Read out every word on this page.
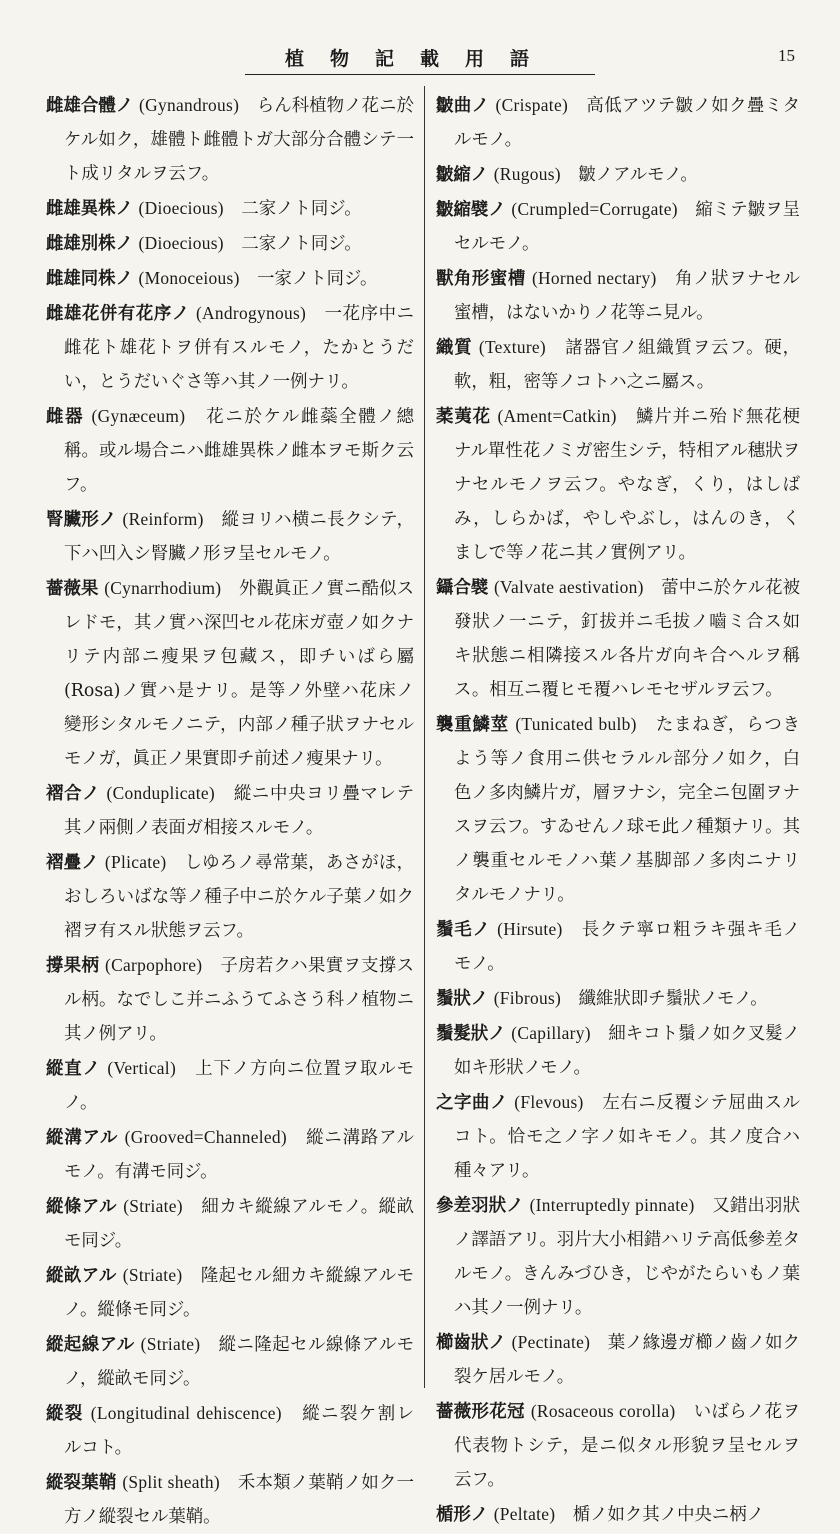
植物記載用語	15

雌雄合體ノ (Gynandrous)　 らん科植物ノ花ニ於ケル如ク，雄體ト雌體トガ大部分合體シテ一ト成リタルヲ云フ。

雌雄異株ノ (Dioecious)　 二家ノト同ジ。

雌雄別株ノ (Dioecious)　 二家ノト同ジ。

雌雄同株ノ (Monoceious)　 一家ノト同ジ。

雌雄花併有花序ノ (Androgynous)　 一花序中ニ雌花ト雄花トヲ併有スルモノ，たかとうだい，とうだいぐさ等ハ其ノ一例ナリ。

雌器 (Gynæceum)　 花ニ於ケル雌蘂全體ノ總稱。或ル場合ニハ雌雄異株ノ雌本ヲモ斯ク云フ。

腎臟形ノ (Reinform)　 縱ヨリハ横ニ長クシテ，下ハ凹入シ腎臟ノ形ヲ呈セルモノ。

薔薇果 (Cynarrhodium)　 外觀眞正ノ實ニ酷似スレドモ，其ノ實ハ深凹セル花床ガ壺ノ如クナリテ内部ニ瘦果ヲ包藏ス，即チいばら屬(Rosa)ノ實ハ是ナリ。是等ノ外壁ハ花床ノ變形シタルモノニテ，内部ノ種子狀ヲナセルモノガ，眞正ノ果實即チ前述ノ瘦果ナリ。

褶合ノ (Conduplicate)　 縱ニ中央ヨリ疊マレテ其ノ兩側ノ表面ガ相接スルモノ。

褶疊ノ (Plicate)　 しゆろノ尋常葉，あさがほ，おしろいばな等ノ種子中ニ於ケル子葉ノ如ク褶ヲ有スル狀態ヲ云フ。

撐果柄 (Carpophore)　 子房若クハ果實ヲ支撐スル柄。なでしこ并ニふうてふさう科ノ植物ニ其ノ例アリ。

縱直ノ (Vertical)　 上下ノ方向ニ位置ヲ取ルモノ。

縱溝アル (Grooved=Channeled)　 縱ニ溝路アルモノ。有溝モ同ジ。

縱條アル (Striate)　 細カキ縱線アルモノ。縱畝モ同ジ。

縱畝アル (Striate)　 隆起セル細カキ縱線アルモノ。縱條モ同ジ。

縱起線アル (Striate)　 縱ニ隆起セル線條アルモノ，縱畝モ同ジ。

縱裂 (Longitudinal dehiscence)　 縱ニ裂ケ割レルコト。

縱裂葉鞘 (Split sheath)　 禾本類ノ葉鞘ノ如ク一方ノ縱裂セル葉鞘。

皺曲ノ (Crispate)　 高低アツテ皺ノ如ク疊ミタルモノ。

皺縮ノ (Rugous)　 皺ノアルモノ。

皺縮襞ノ (Crumpled=Corrugate)　 縮ミテ皺ヲ呈セルモノ。

獸角形蜜槽 (Horned nectary)　 角ノ狀ヲナセル蜜槽，はないかりノ花等ニ見ル。

織質 (Texture)　 諸器官ノ組織質ヲ云フ。硬，軟，粗，密等ノコトハ之ニ屬ス。

葇荑花 (Ament=Catkin)　 鱗片并ニ殆ド無花梗ナル單性花ノミガ密生シテ，特相アル穗狀ヲナセルモノヲ云フ。やなぎ，くり，はしばみ，しらかば，やしやぶし，はんのき，くましで等ノ花ニ其ノ實例アリ。

鑷合襞 (Valvate aestivation)　 蕾中ニ於ケル花被發狀ノ一ニテ，釘拔并ニ毛拔ノ嚙ミ合ス如キ狀態ニ相隣接スル各片ガ向キ合ヘルヲ稱ス。相互ニ覆ヒモ覆ハレモセザルヲ云フ。

襲重鱗莖 (Tunicated bulb)　 たまねぎ，らつきよう等ノ食用ニ供セラルル部分ノ如ク，白色ノ多肉鱗片ガ，層ヲナシ，完全ニ包圍ヲナスヲ云フ。すゐせんノ球モ此ノ種類ナリ。其ノ襲重セルモノハ葉ノ基脚部ノ多肉ニナリタルモノナリ。

鬚毛ノ (Hirsute)　 長クテ寧ロ粗ラキ强キ毛ノモノ。

鬚狀ノ (Fibrous)　 纖維狀即チ鬚狀ノモノ。

鬚髮狀ノ (Capillary)　 細キコト鬚ノ如ク叉髮ノ如キ形狀ノモノ。

之字曲ノ (Flevous)　 左右ニ反覆シテ屈曲スルコト。恰モ之ノ字ノ如キモノ。其ノ度合ハ種々アリ。

參差羽狀ノ (Interruptedly pinnate)　 又錯出羽狀ノ譯語アリ。羽片大小相錯ハリテ高低參差タルモノ。きんみづひき，じやがたらいもノ葉ハ其ノ一例ナリ。

櫛齒狀ノ (Pectinate)　 葉ノ緣邊ガ櫛ノ齒ノ如ク裂ケ居ルモノ。

薔薇形花冠 (Rosaceous corolla)　 いばらノ花ヲ代表物トシテ，是ニ似タル形貌ヲ呈セルヲ云フ。

楯形ノ (Peltate)　 楯ノ如ク其ノ中央ニ柄ノ
